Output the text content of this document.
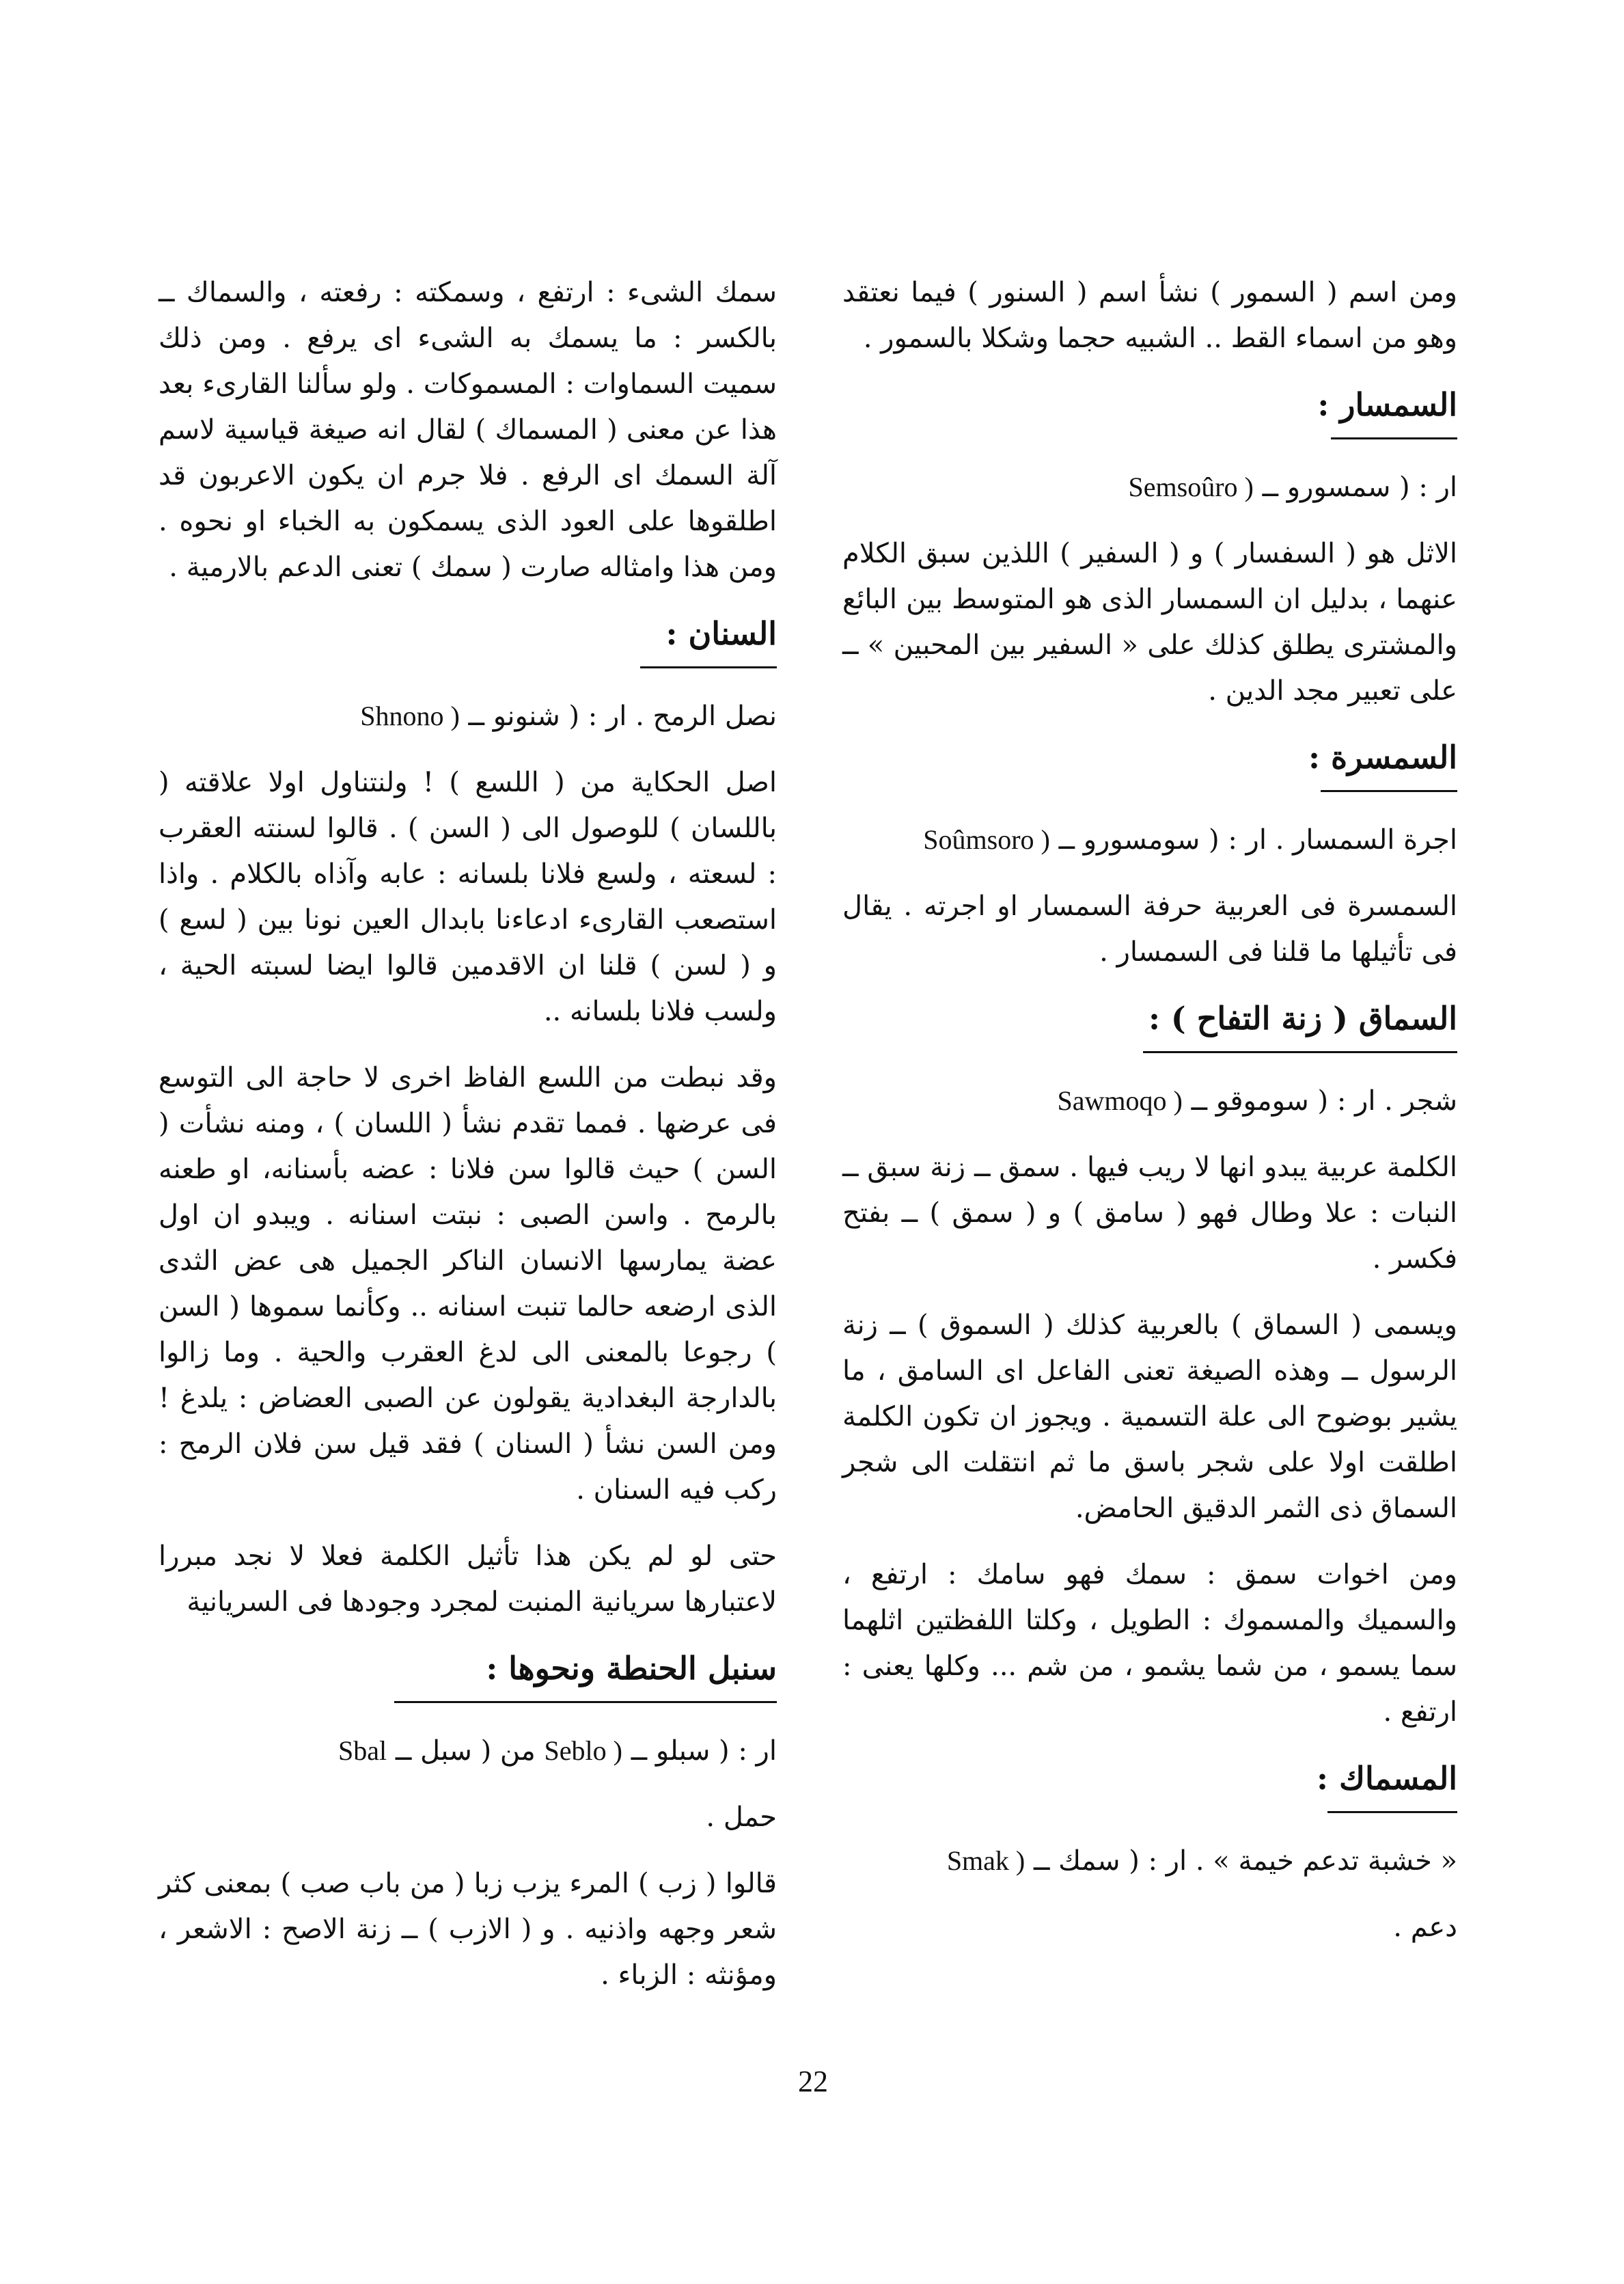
ومن اسم ( السمور ) نشأ اسم ( السنور ) فيما نعتقد وهو من اسماء القط .. الشبيه حجما وشكلا بالسمور .

السمسار :
ار : ( سمسورو ــ Semsoûro )

الاثل هو ( السفسار ) و ( السفير ) اللذين سبق الكلام عنهما ، بدليل ان السمسار الذى هو المتوسط بين البائع والمشترى يطلق كذلك على « السفير بين المحبين » ــ على تعبير مجد الدين .

السمسرة :
اجرة السمسار . ار : ( سومسورو ــ Soûmsoro )

السمسرة فى العربية حرفة السمسار او اجرته . يقال فى تأثيلها ما قلنا فى السمسار .

السماق ( زنة التفاح ) :
شجر . ار : ( سوموقو ــ Sawmoqo )

الكلمة عربية يبدو انها لا ريب فيها . سمق ــ زنة سبق ــ النبات : علا وطال فهو ( سامق ) و ( سمق ) ــ بفتح فكسر .

ويسمى ( السماق ) بالعربية كذلك ( السموق ) ــ زنة الرسول ــ وهذه الصيغة تعنى الفاعل اى السامق ، ما يشير بوضوح الى علة التسمية . ويجوز ان تكون الكلمة اطلقت اولا على شجر باسق ما ثم انتقلت الى شجر السماق ذى الثمر الدقيق الحامض.

ومن اخوات سمق : سمك فهو سامك : ارتفع ، والسميك والمسموك : الطويل ، وكلتا اللفظتين اثلهما سما يسمو ، من شما يشمو ، من شم ... وكلها يعنى : ارتفع .

المسماك :
« خشبة تدعم خيمة » . ار : ( سمك ــ Smak )

دعم .

سمك الشىء : ارتفع ، وسمكته : رفعته ، والسماك ــ بالكسر : ما يسمك به الشىء اى يرفع . ومن ذلك سميت السماوات : المسموكات . ولو سألنا القارىء بعد هذا عن معنى ( المسماك ) لقال انه صيغة قياسية لاسم آلة السمك اى الرفع . فلا جرم ان يكون الاعربون قد اطلقوها على العود الذى يسمكون به الخباء او نحوه . ومن هذا وامثاله صارت ( سمك ) تعنى الدعم بالارمية .

السنان :
نصل الرمح . ار : ( شنونو ــ Shnono )

اصل الحكاية من ( اللسع ) ! ولنتناول اولا علاقته ( باللسان ) للوصول الى ( السن ) . قالوا لسنته العقرب : لسعته ، ولسع فلانا بلسانه : عابه وآذاه بالكلام . واذا استصعب القارىء ادعاءنا بابدال العين نونا بين ( لسع ) و ( لسن ) قلنا ان الاقدمين قالوا ايضا لسبته الحية ، ولسب فلانا بلسانه ..

وقد نبطت من اللسع الفاظ اخرى لا حاجة الى التوسع فى عرضها . فمما تقدم نشأ ( اللسان ) ، ومنه نشأت ( السن ) حيث قالوا سن فلانا : عضه بأسنانه، او طعنه بالرمح . واسن الصبى : نبتت اسنانه . ويبدو ان اول عضة يمارسها الانسان الناكر الجميل هى عض الثدى الذى ارضعه حالما تنبت اسنانه .. وكأنما سموها ( السن ) رجوعا بالمعنى الى لدغ العقرب والحية . وما زالوا بالدارجة البغدادية يقولون عن الصبى العضاض : يلدغ ! ومن السن نشأ ( السنان ) فقد قيل سن فلان الرمح : ركب فيه السنان .

حتى لو لم يكن هذا تأثيل الكلمة فعلا لا نجد مبررا لاعتبارها سريانية المنبت لمجرد وجودها فى السريانية

سنبل الحنطة ونحوها :
ار : ( سبلو ــ Seblo ) من ( سبل ــ Sbal

حمل .

قالوا ( زب ) المرء يزب زبا ( من باب صب ) بمعنى كثر شعر وجهه واذنيه . و ( الازب ) ــ زنة الاصح : الاشعر ، ومؤنثه : الزباء .

22
